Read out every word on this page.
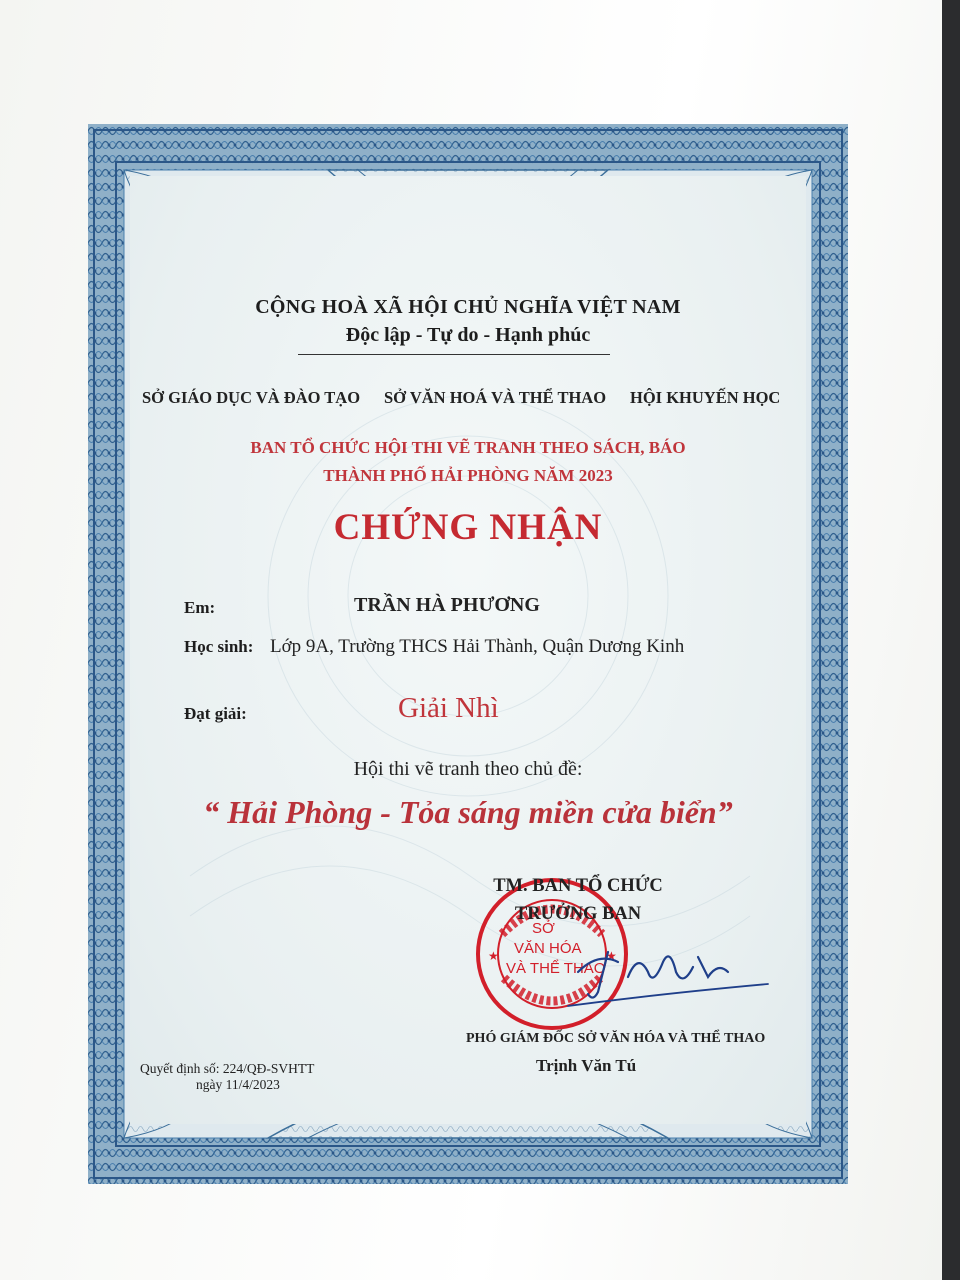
CỘNG HOÀ XÃ HỘI CHỦ NGHĨA VIỆT NAM
Độc lập - Tự do - Hạnh phúc
SỞ GIÁO DỤC VÀ ĐÀO TẠO SỞ VĂN HOÁ VÀ THỂ THAO HỘI KHUYẾN HỌC
BAN TỔ CHỨC HỘI THI VẼ TRANH THEO SÁCH, BÁO
THÀNH PHỐ HẢI PHÒNG NĂM 2023
CHỨNG NHẬN
Em:	TRẦN HÀ PHƯƠNG
Học sinh: Lớp 9A, Trường THCS Hải Thành, Quận Dương Kinh
Đạt giải:	Giải Nhì
Hội thi vẽ tranh theo chủ đề:
“ Hải Phòng - Tỏa sáng miền cửa biển”
★	★
SỞ
VĂN HÓA
VÀ THỂ THAO
TM. BAN TỔ CHỨC
TRƯỞNG BAN
PHÓ GIÁM ĐỐC SỞ VĂN HÓA VÀ THỂ THAO
Trịnh Văn Tú
Quyết định số: 224/QĐ-SVHTT
ngày 11/4/2023
